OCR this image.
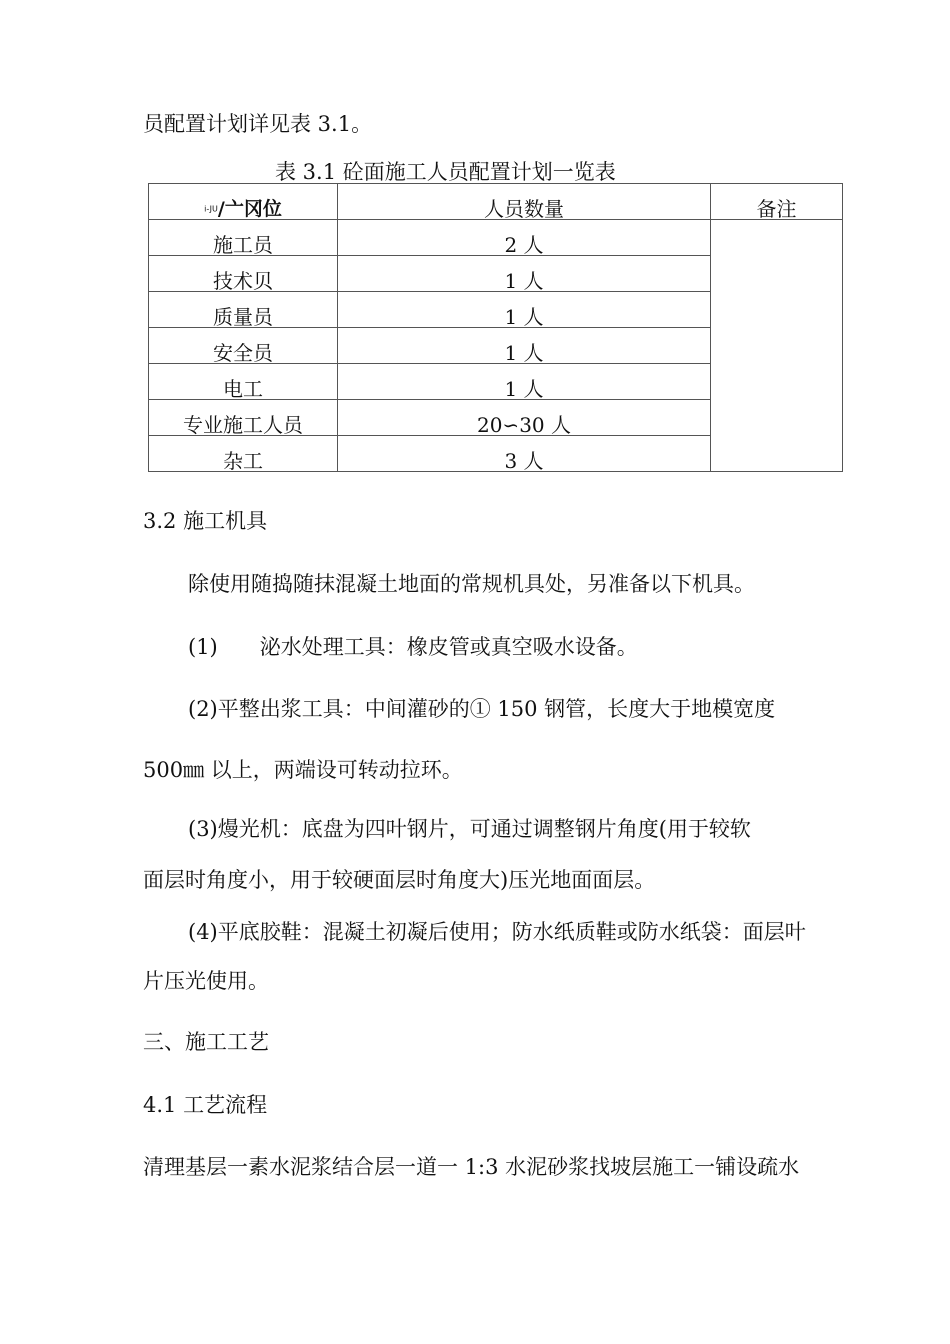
员配置计划详见表 3.1。
表 3.1 砼面施工人员配置计划一览表
i-JU/亠冈位	人员数量	备注
施工员	2 人	
技术贝	1 人	
质量员	1 人	
安全员	1 人	
电工	1 人	
专业施工人员	20∽30 人	
杂工	3 人	
3.2 施工机具
除使用随捣随抹混凝土地面的常规机具处，另准备以下机具。
(1)　　泌水处理工具：橡皮管或真空吸水设备。
(2)平整出浆工具：中间灌砂的① 150 钢管，长度大于地模宽度
500㎜ 以上，两端设可转动拉环。
(3)熳光机：底盘为四叶钢片，可通过调整钢片角度(用于较软
面层时角度小，用于较硬面层时角度大)压光地面面层。
(4)平底胶鞋：混凝土初凝后使用；防水纸质鞋或防水纸袋：面层叶
片压光使用。
三、施工工艺
4.1 工艺流程
清理基层一素水泥浆结合层一道一 1:3 水泥砂浆找坡层施工一铺设疏水
